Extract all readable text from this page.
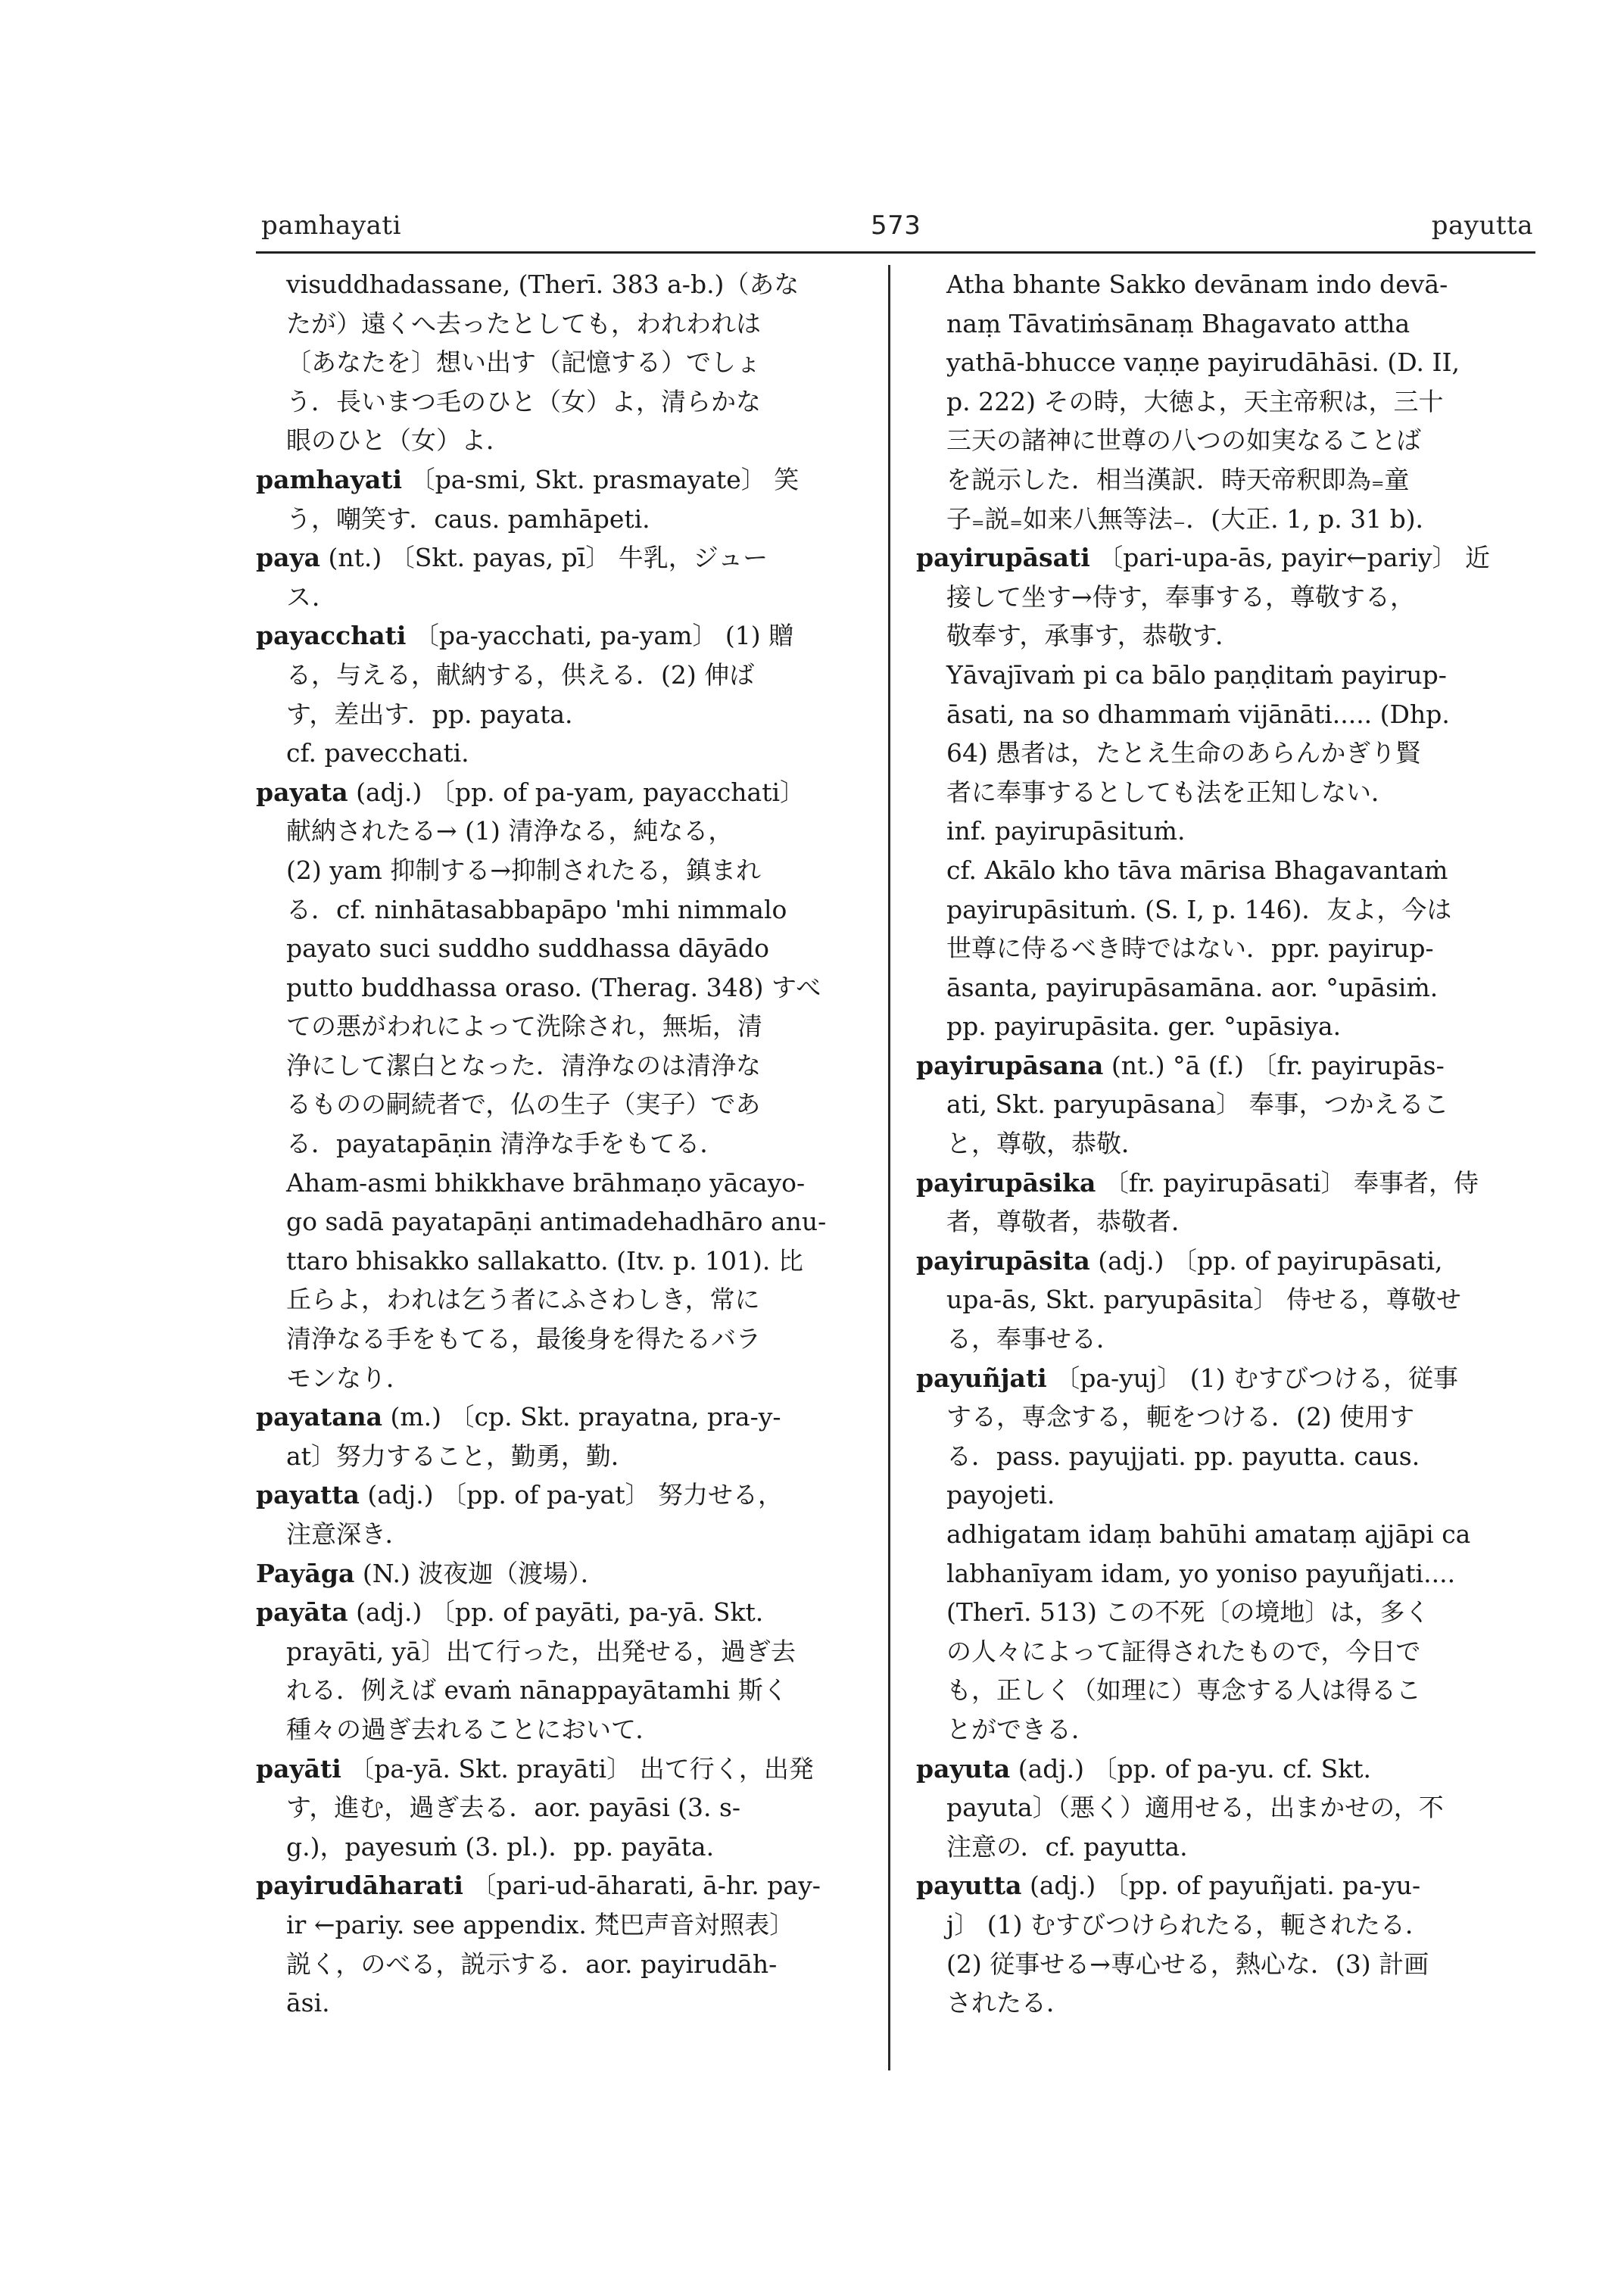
pamhayati	573	payutta
visuddhadassane, (Therī. 383 a-b.)（あな
たが）遠くへ去ったとしても，われわれは
〔あなたを〕想い出す（記憶する）でしょ
う．長いまつ毛のひと（女）よ，清らかな
眼のひと（女）よ．
pamhayati 〔pa-smi, Skt. prasmayate〕 笑
う，嘲笑す．caus. pamhāpeti.
paya (nt.) 〔Skt. payas, pī〕 牛乳，ジュー
ス．
payacchati 〔pa-yacchati, pa-yam〕 (1) 贈
る，与える，献納する，供える．(2) 伸ば
す，差出す．pp. payata.
cf. pavecchati.
payata (adj.) 〔pp. of pa-yam, payacchati〕
献納されたる→ (1) 清浄なる，純なる，
(2) yam 抑制する→抑制されたる，鎮まれ
る．cf. ninhātasabbapāpo 'mhi nimmalo
payato suci suddho suddhassa dāyādo
putto buddhassa oraso. (Therag. 348) すべ
ての悪がわれによって洗除され，無垢，清
浄にして潔白となった．清浄なのは清浄な
るものの嗣続者で，仏の生子（実子）であ
る．payatapāṇin 清浄な手をもてる．
Aham-asmi bhikkhave brāhmaṇo yācayo-
go sadā payatapāṇi antimadehadhāro anu-
ttaro bhisakko sallakatto. (Itv. p. 101). 比
丘らよ，われは乞う者にふさわしき，常に
清浄なる手をもてる，最後身を得たるバラ
モンなり．
payatana (m.) 〔cp. Skt. prayatna, pra-y-
at〕努力すること，勤勇，勤．
payatta (adj.) 〔pp. of pa-yat〕 努力せる，
注意深き．
Payāga (N.) 波夜迦（渡場）．
payāta (adj.) 〔pp. of payāti, pa-yā. Skt.
prayāti, yā〕出て行った，出発せる，過ぎ去
れる．例えば evaṁ nānappayātamhi 斯く
種々の過ぎ去れることにおいて．
payāti 〔pa-yā. Skt. prayāti〕 出て行く，出発
す，進む，過ぎ去る．aor. payāsi (3. s-
g.)，payesuṁ (3. pl.)．pp. payāta.
payirudāharati 〔pari-ud-āharati, ā-hr. pay-
ir ←pariy. see appendix. 梵巴声音対照表〕
説く，のべる，説示する．aor. payirudāh-
āsi.
Atha bhante Sakko devānam indo devā-
naṃ Tāvatiṁsānaṃ Bhagavato attha
yathā-bhucce vaṇṇe payirudāhāsi. (D. II,
p. 222) その時，大徳よ，天主帝釈は，三十
三天の諸神に世尊の八つの如実なることば
を説示した．相当漢訳．時天帝釈即為₌童
子₌説₌如来八無等法₋．(大正. 1, p. 31 b)．
payirupāsati 〔pari-upa-ās, payir←pariy〕 近
接して坐す→侍す，奉事する，尊敬する，
敬奉す，承事す，恭敬す．
Yāvajīvaṁ pi ca bālo paṇḍitaṁ payirup-
āsati, na so dhammaṁ vijānāti..... (Dhp.
64) 愚者は，たとえ生命のあらんかぎり賢
者に奉事するとしても法を正知しない．
inf. payirupāsituṁ.
cf. Akālo kho tāva mārisa Bhagavantaṁ
payirupāsituṁ. (S. I, p. 146)．友よ，今は
世尊に侍るべき時ではない．ppr. payirup-
āsanta, payirupāsamāna. aor. °upāsiṁ.
pp. payirupāsita. ger. °upāsiya.
payirupāsana (nt.) °ā (f.) 〔fr. payirupās-
ati, Skt. paryupāsana〕 奉事，つかえるこ
と，尊敬，恭敬．
payirupāsika 〔fr. payirupāsati〕 奉事者，侍
者，尊敬者，恭敬者．
payirupāsita (adj.) 〔pp. of payirupāsati,
upa-ās, Skt. paryupāsita〕 侍せる，尊敬せ
る，奉事せる．
payuñjati 〔pa-yuj〕 (1) むすびつける，従事
する，専念する，軛をつける．(2) 使用す
る．pass. payujjati. pp. payutta. caus.
payojeti.
adhigatam idaṃ bahūhi amataṃ ajjāpi ca
labhanīyam idam, yo yoniso payuñjati....
(Therī. 513) この不死〔の境地〕は，多く
の人々によって証得されたもので，今日で
も，正しく（如理に）専念する人は得るこ
とができる．
payuta (adj.) 〔pp. of pa-yu. cf. Skt.
payuta〕（悪く）適用せる，出まかせの，不
注意の．cf. payutta.
payutta (adj.) 〔pp. of payuñjati. pa-yu-
j〕 (1) むすびつけられたる，軛されたる．
(2) 従事せる→専心せる，熱心な．(3) 計画
されたる．
